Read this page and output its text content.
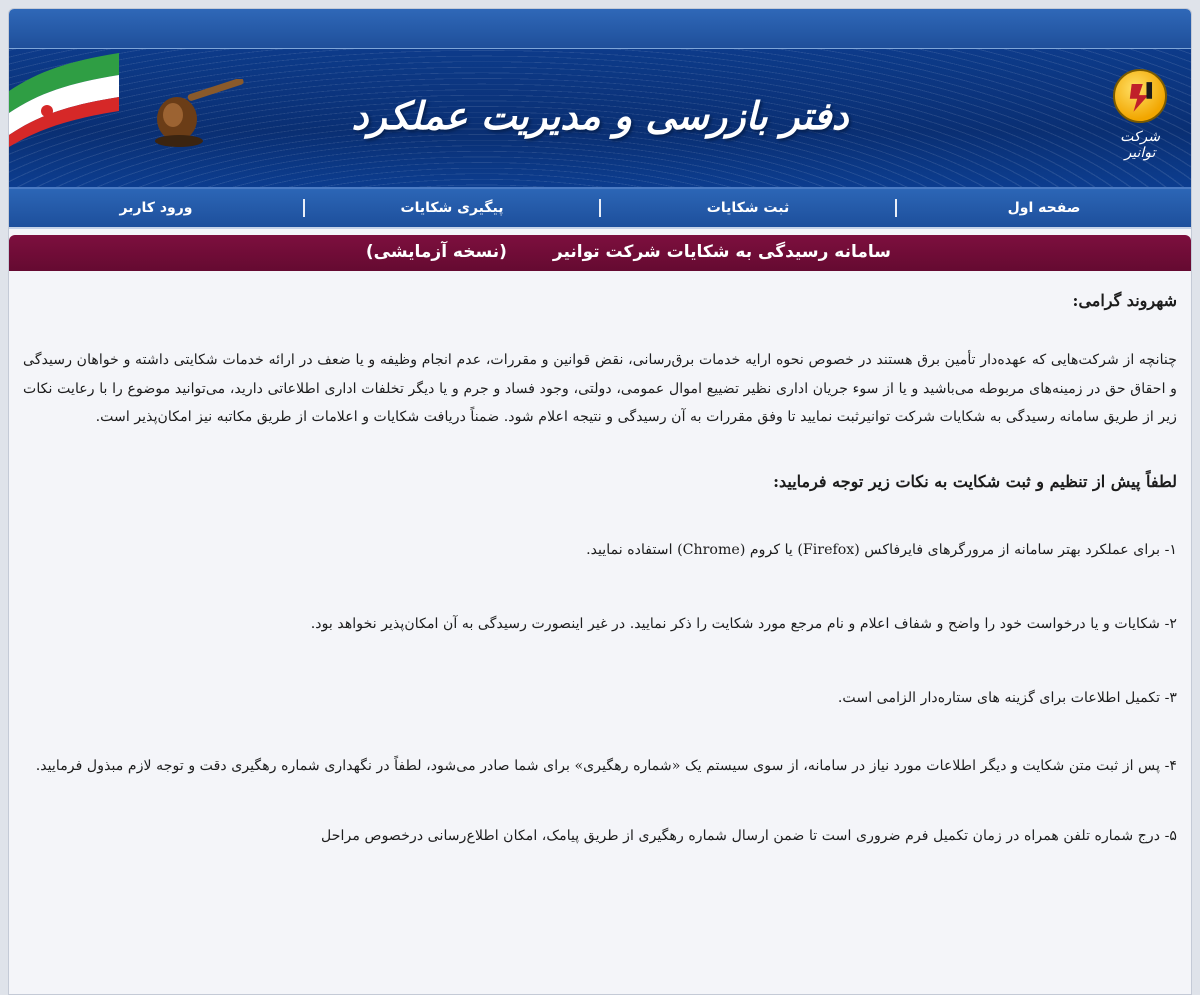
دفتر بازرسی و مدیریت عملکرد	شرکت توانیر
صفحه اول
ثبت شکایات
پیگیری شکایات
ورود کاربر
سامانه رسیدگی به شکایات شرکت توانیر (نسخه آزمایشی)
شهروند گرامی:
چنانچه از شرکت‌هایی که عهده‌دار تأمین برق هستند در خصوص نحوه ارایه خدمات برق‌رسانی، نقض قوانین و مقررات، عدم انجام وظیفه و یا ضعف در ارائه خدمات شکایتی داشته و خواهان رسیدگی و احقاق حق در زمینه‌های مربوطه می‌باشید و یا از سوء جریان اداری نظیر تضییع اموال عمومی، دولتی، وجود فساد و جرم و یا دیگر تخلفات اداری اطلاعاتی دارید، می‌توانید موضوع را با رعایت نکات زیر از طریق سامانه رسیدگی به شکایات شرکت توانیرثبت نمایید تا وفق مقررات به آن رسیدگی و نتیجه اعلام شود. ضمناً دریافت شکایات و اعلامات از طریق مکاتبه نیز امکان‌پذیر است.
لطفاً پیش از تنظیم و ثبت شکایت به نکات زیر توجه فرمایید:
۱- برای عملکرد بهتر سامانه از مرورگرهای فایرفاکس (Firefox) یا کروم (Chrome) استفاده نمایید.
۲- شکایات و یا درخواست خود را واضح و شفاف اعلام و نام مرجع مورد شکایت را ذکر نمایید. در غیر اینصورت رسیدگی به آن امکان‌پذیر نخواهد بود.
۳- تکمیل اطلاعات برای گزینه های ستاره‌دار الزامی است.
۴- پس از ثبت متن شکایت و دیگر اطلاعات مورد نیاز در سامانه، از سوی سیستم یک «شماره رهگیری» برای شما صادر می‌شود، لطفاً در نگهداری شماره رهگیری دقت و توجه لازم مبذول فرمایید.
۵- درج شماره تلفن همراه در زمان تکمیل فرم ضروری است تا ضمن ارسال شماره رهگیری از طریق پیامک، امکان اطلاع‌رسانی درخصوص مراحل
